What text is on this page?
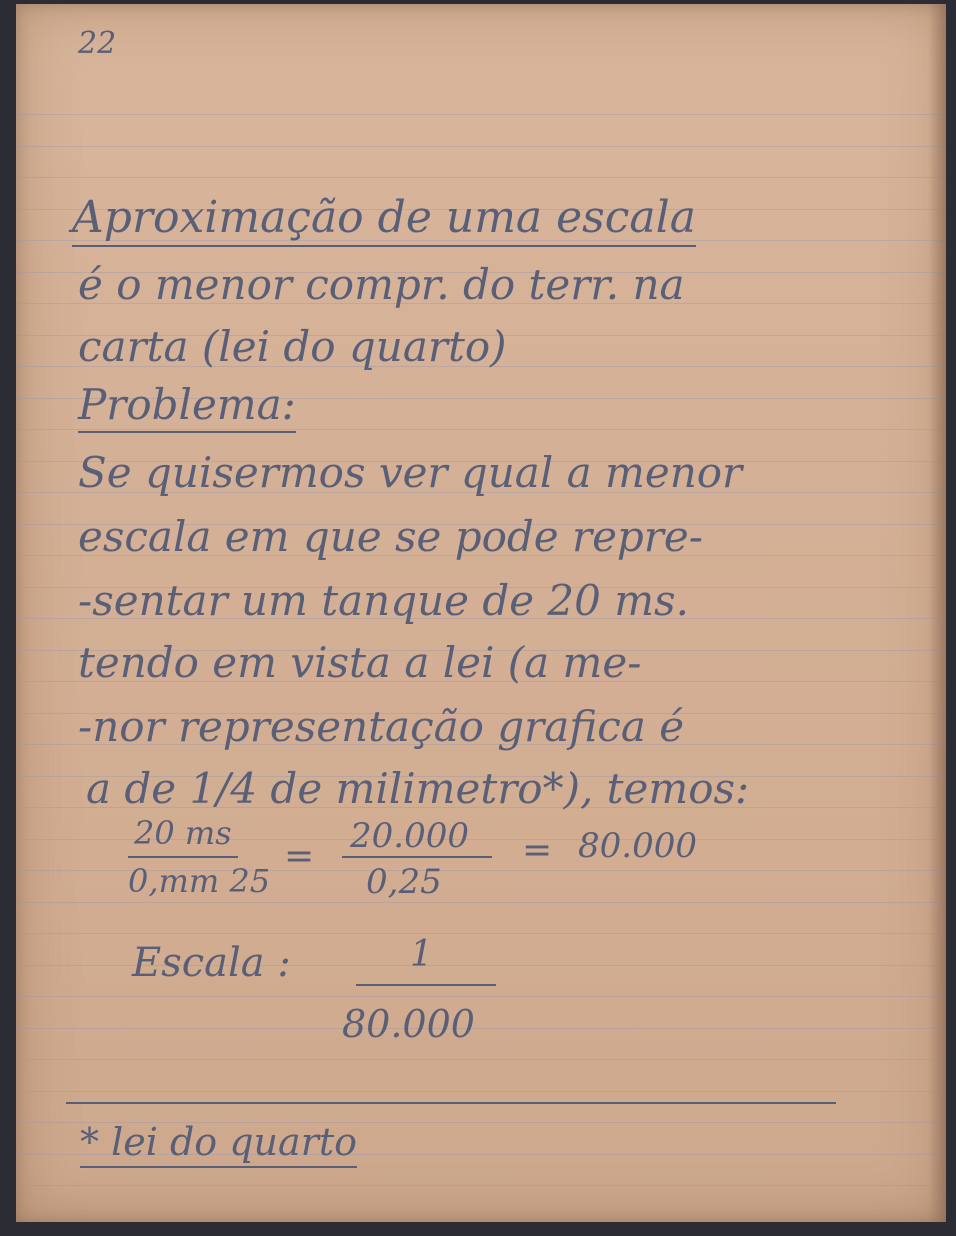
22
Aproximação de uma escala
é o menor compr. do terr. na
carta (lei do quarto)
Problema:
Se quisermos ver qual a menor
escala em que se pode repre-
-sentar um tanque de 20 ms.
tendo em vista a lei (a me-
-nor representação grafica é
a de 1/4 de milimetro*), temos:
20 ms
0,mm 25
= 20.000
0,25
= 80.000
Escala :	1
80.000
* lei do quarto
